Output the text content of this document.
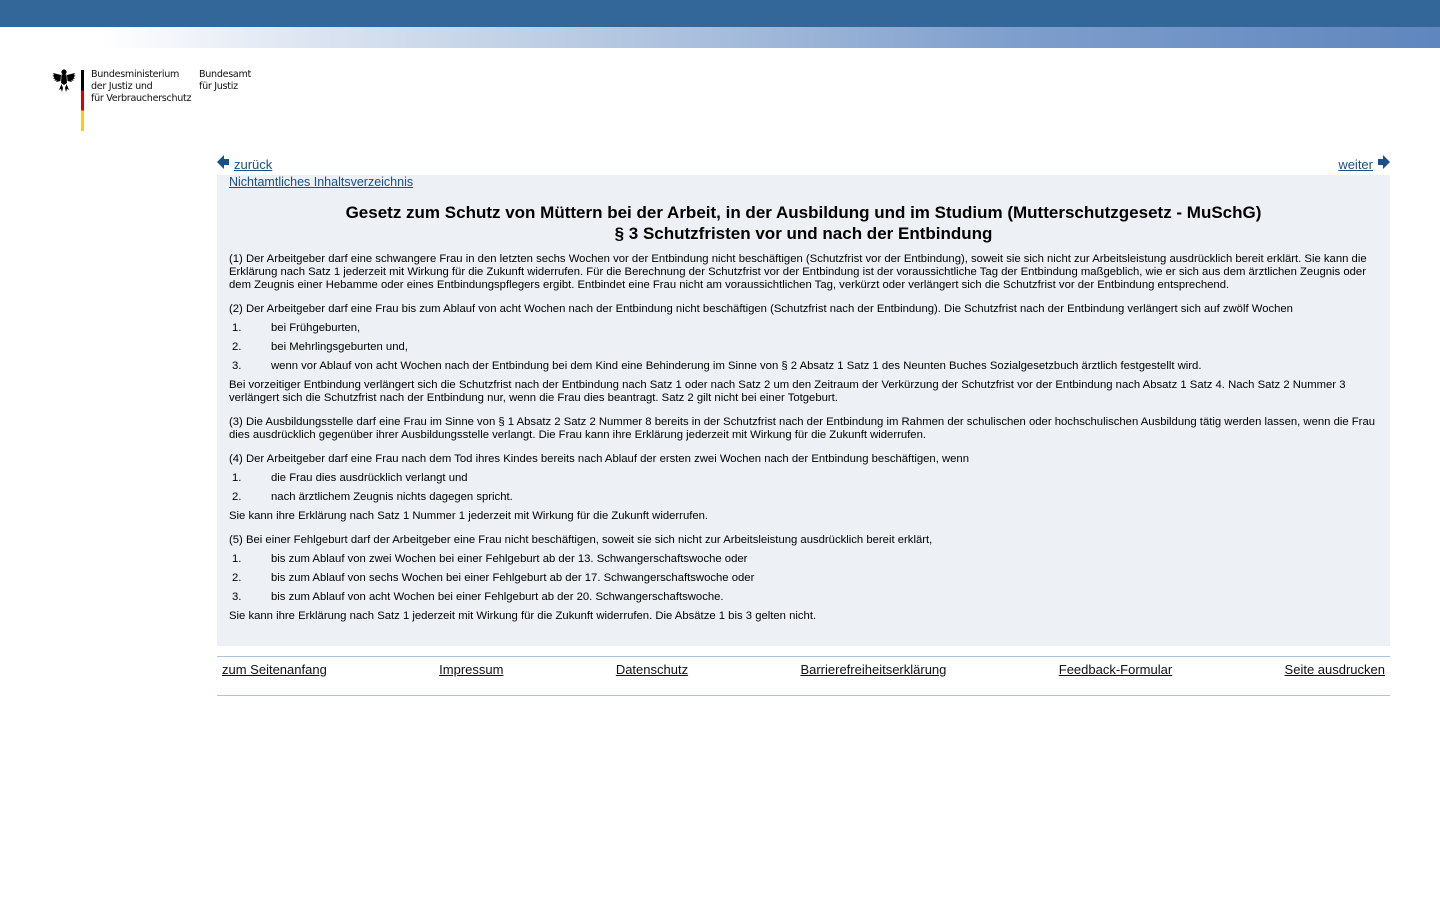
Bundesministerium
der Justiz und
für Verbraucherschutz
Bundesamt
für Justiz
zurück	weiter
Nichtamtliches Inhaltsverzeichnis
Gesetz zum Schutz von Müttern bei der Arbeit, in der Ausbildung und im Studium (Mutterschutzgesetz - MuSchG)
§ 3 Schutzfristen vor und nach der Entbindung

(1) Der Arbeitgeber darf eine schwangere Frau in den letzten sechs Wochen vor der Entbindung nicht beschäftigen (Schutzfrist vor der Entbindung), soweit sie sich nicht zur Arbeitsleistung ausdrücklich bereit erklärt. Sie kann die Erklärung nach Satz 1 jederzeit mit Wirkung für die Zukunft widerrufen. Für die Berechnung der Schutzfrist vor der Entbindung ist der voraussichtliche Tag der Entbindung maßgeblich, wie er sich aus dem ärztlichen Zeugnis oder dem Zeugnis einer Hebamme oder eines Entbindungspflegers ergibt. Entbindet eine Frau nicht am voraussichtlichen Tag, verkürzt oder verlängert sich die Schutzfrist vor der Entbindung entsprechend.

(2) Der Arbeitgeber darf eine Frau bis zum Ablauf von acht Wochen nach der Entbindung nicht beschäftigen (Schutzfrist nach der Entbindung). Die Schutzfrist nach der Entbindung verlängert sich auf zwölf Wochen

1.	bei Frühgeburten,
2.	bei Mehrlingsgeburten und,
3.	wenn vor Ablauf von acht Wochen nach der Entbindung bei dem Kind eine Behinderung im Sinne von § 2 Absatz 1 Satz 1 des Neunten Buches Sozialgesetzbuch ärztlich festgestellt wird.

Bei vorzeitiger Entbindung verlängert sich die Schutzfrist nach der Entbindung nach Satz 1 oder nach Satz 2 um den Zeitraum der Verkürzung der Schutzfrist vor der Entbindung nach Absatz 1 Satz 4. Nach Satz 2 Nummer 3 verlängert sich die Schutzfrist nach der Entbindung nur, wenn die Frau dies beantragt. Satz 2 gilt nicht bei einer Totgeburt.

(3) Die Ausbildungsstelle darf eine Frau im Sinne von § 1 Absatz 2 Satz 2 Nummer 8 bereits in der Schutzfrist nach der Entbindung im Rahmen der schulischen oder hochschulischen Ausbildung tätig werden lassen, wenn die Frau dies ausdrücklich gegenüber ihrer Ausbildungsstelle verlangt. Die Frau kann ihre Erklärung jederzeit mit Wirkung für die Zukunft widerrufen.

(4) Der Arbeitgeber darf eine Frau nach dem Tod ihres Kindes bereits nach Ablauf der ersten zwei Wochen nach der Entbindung beschäftigen, wenn

1.	die Frau dies ausdrücklich verlangt und
2.	nach ärztlichem Zeugnis nichts dagegen spricht.

Sie kann ihre Erklärung nach Satz 1 Nummer 1 jederzeit mit Wirkung für die Zukunft widerrufen.

(5) Bei einer Fehlgeburt darf der Arbeitgeber eine Frau nicht beschäftigen, soweit sie sich nicht zur Arbeitsleistung ausdrücklich bereit erklärt,

1.	bis zum Ablauf von zwei Wochen bei einer Fehlgeburt ab der 13. Schwangerschaftswoche oder
2.	bis zum Ablauf von sechs Wochen bei einer Fehlgeburt ab der 17. Schwangerschaftswoche oder
3.	bis zum Ablauf von acht Wochen bei einer Fehlgeburt ab der 20. Schwangerschaftswoche.

Sie kann ihre Erklärung nach Satz 1 jederzeit mit Wirkung für die Zukunft widerrufen. Die Absätze 1 bis 3 gelten nicht.

zum Seitenanfang	Impressum	Datenschutz	Barrierefreiheitserklärung	Feedback-Formular	Seite ausdrucken
